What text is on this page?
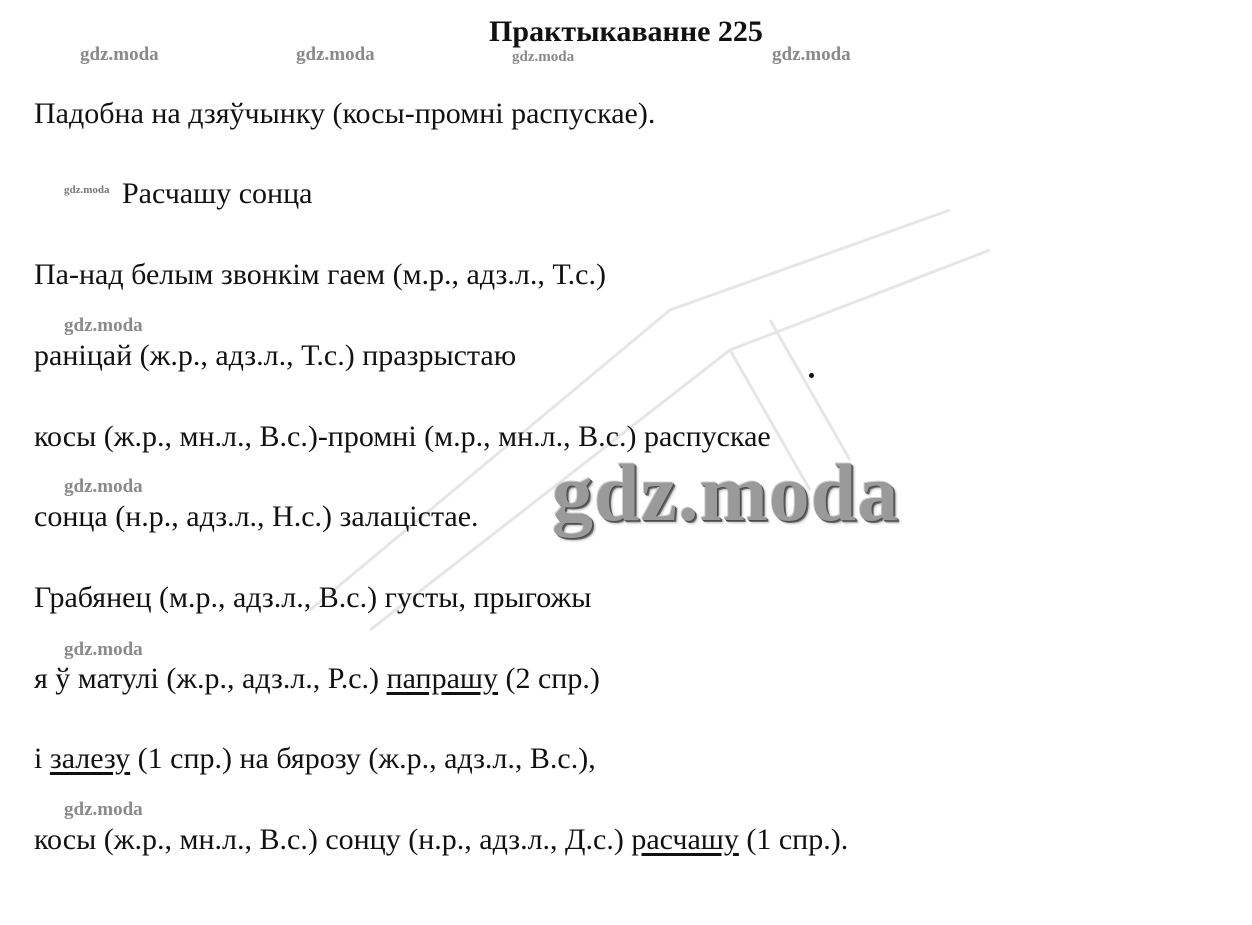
Практыкаванне 225
gdz.moda	gdz.moda	gdz.moda	gdz.moda

Падобна на дзяўчынку (косы-промні распускае).

gdz.moda Расчашу сонца

Па-над белым звонкім гаем (м.р., адз.л., Т.с.)

gdz.moda

раніцай (ж.р., адз.л., Т.с.) празрыстаю

косы (ж.р., мн.л., В.с.)-промні (м.р., мн.л., В.с.) распускае

gdz.moda

сонца (н.р., адз.л., Н.с.) залацістае. gdz.moda

Грабянец (м.р., адз.л., В.с.) густы, прыгожы

gdz.moda

я ў матулі (ж.р., адз.л., Р.с.) папрашу (2 спр.)

і залезу (1 спр.) на бярозу (ж.р., адз.л., В.с.),

gdz.moda

косы (ж.р., мн.л., В.с.) сонцу (н.р., адз.л., Д.с.) расчашу (1 спр.).
